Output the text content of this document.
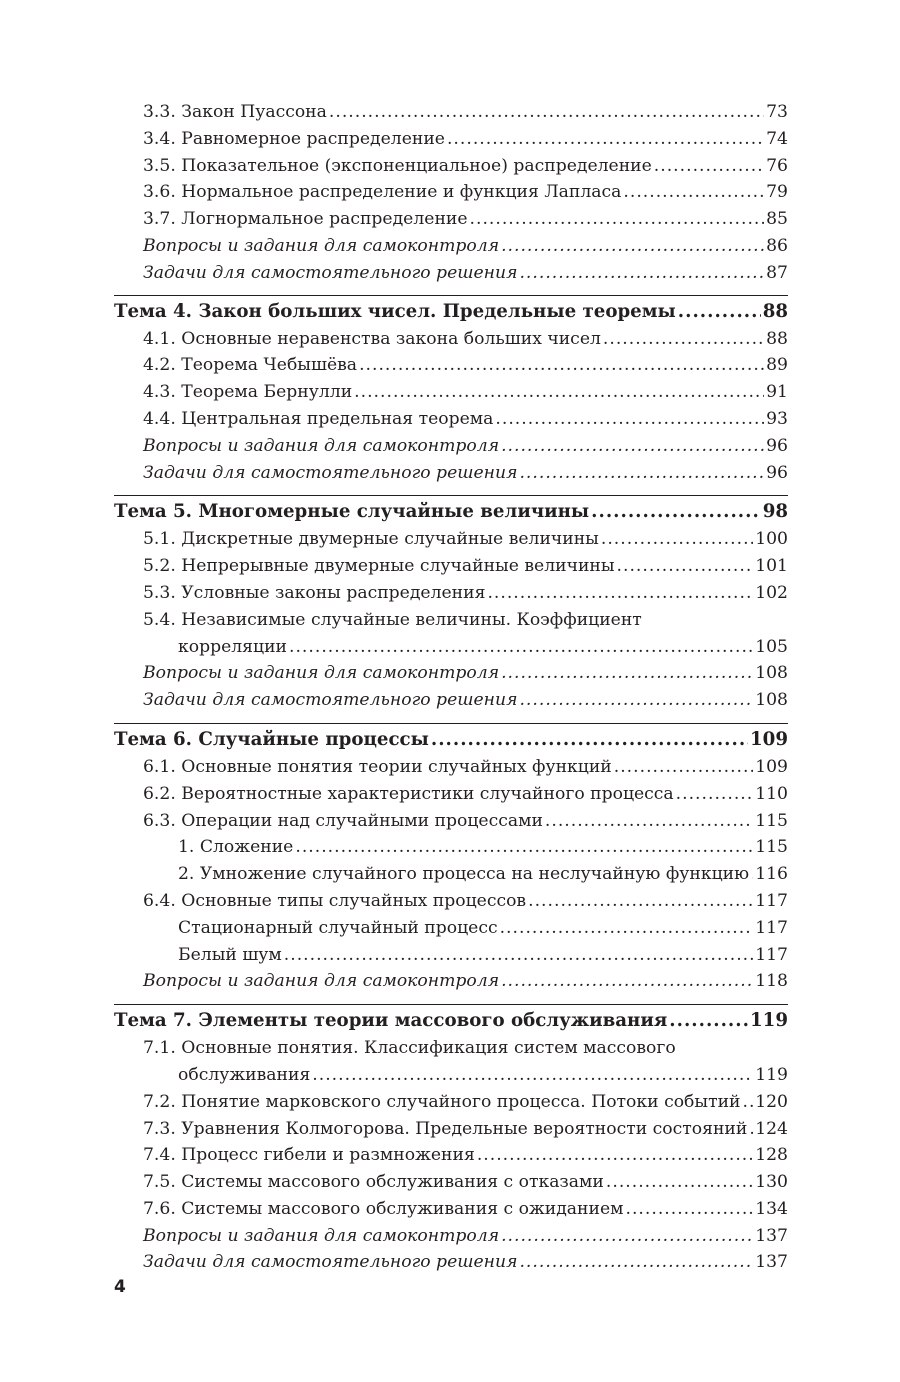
3.3. Закон Пуассона .....	73
3.4. Равномерное распределение .....	74
3.5. Показательное (экспоненциальное) распределение .....	76
3.6. Нормальное распределение и функция Лапласа .....	79
3.7. Логнормальное распределение .....	85
Вопросы и задания для самоконтроля .....	86
Задачи для самостоятельного решения .....	87
Тема 4. Закон больших чисел. Предельные теоремы .....	88
4.1. Основные неравенства закона больших чисел .....	88
4.2. Теорема Чебышёва .....	89
4.3. Теорема Бернулли .....	91
4.4. Центральная предельная теорема .....	93
Вопросы и задания для самоконтроля .....	96
Задачи для самостоятельного решения .....	96
Тема 5. Многомерные случайные величины .....	98
5.1. Дискретные двумерные случайные величины .....	100
5.2. Непрерывные двумерные случайные величины .....	101
5.3. Условные законы распределения .....	102
5.4. Независимые случайные величины. Коэффициент
корреляции .....	105
Вопросы и задания для самоконтроля .....	108
Задачи для самостоятельного решения .....	108
Тема 6. Случайные процессы .....	109
6.1. Основные понятия теории случайных функций .....	109
6.2. Вероятностные характеристики случайного процесса .....	110
6.3. Операции над случайными процессами .....	115
1. Сложение .....	115
2. Умножение случайного процесса на неслучайную функцию ..... 116
6.4. Основные типы случайных процессов .....	117
Стационарный случайный процесс .....	117
Белый шум .....	117
Вопросы и задания для самоконтроля .....	118
Тема 7. Элементы теории массового обслуживания .....	119
7.1. Основные понятия. Классификация систем массового
обслуживания .....	119
7.2. Понятие марковского случайного процесса. Потоки событий ..... 120
7.3. Уравнения Колмогорова. Предельные вероятности состояний ..... 124
7.4. Процесс гибели и размножения .....	128
7.5. Системы массового обслуживания с отказами .....	130
7.6. Системы массового обслуживания с ожиданием .....	134
Вопросы и задания для самоконтроля .....	137
Задачи для самостоятельного решения .....	137
4
